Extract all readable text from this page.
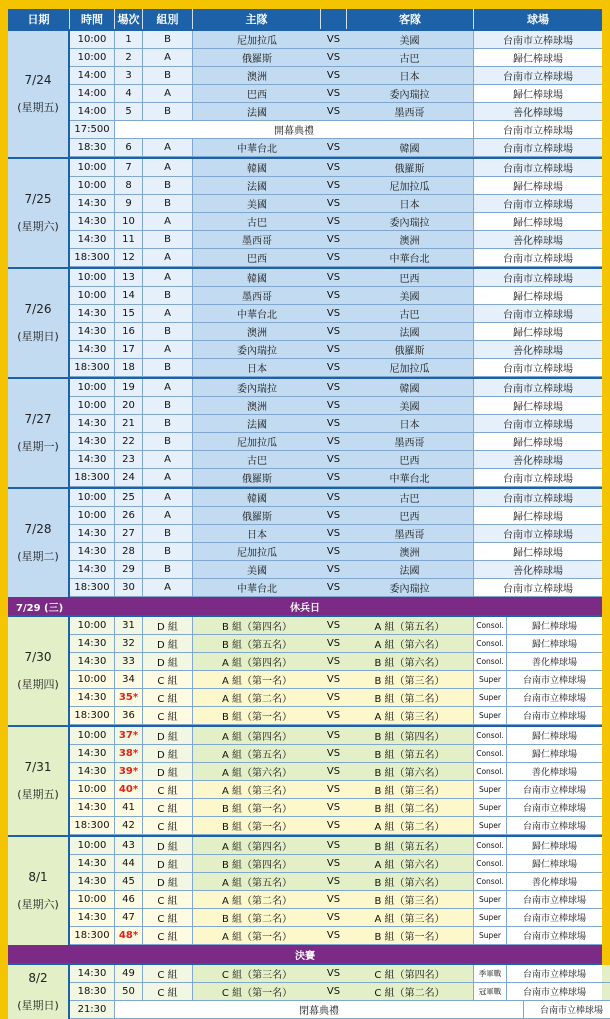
日期	時間	場次	組別	主隊	客隊	球場
7/24
(星期五)
10:00	1	B	尼加拉瓜	VS	美國	台南市立棒球場
10:00	2	A	俄羅斯	VS	古巴	歸仁棒球場
14:00	3	B	澳洲	VS	日本	台南市立棒球場
14:00	4	A	巴西	VS	委內瑞拉	歸仁棒球場
14:00	5	B	法國	VS	墨西哥	善化棒球場
17:500	開幕典禮	台南市立棒球場
18:30	6	A	中華台北	VS	韓國	台南市立棒球場
7/25
(星期六)
10:00	7	A	韓國	VS	俄羅斯	台南市立棒球場
10:00	8	B	法國	VS	尼加拉瓜	歸仁棒球場
14:30	9	B	美國	VS	日本	台南市立棒球場
14:30	10	A	古巴	VS	委內瑞拉	歸仁棒球場
14:30	11	B	墨西哥	VS	澳洲	善化棒球場
18:300	12	A	巴西	VS	中華台北	台南市立棒球場
7/26
(星期日)
10:00	13	A	韓國	VS	巴西	台南市立棒球場
10:00	14	B	墨西哥	VS	美國	歸仁棒球場
14:30	15	A	中華台北	VS	古巴	台南市立棒球場
14:30	16	B	澳洲	VS	法國	歸仁棒球場
14:30	17	A	委內瑞拉	VS	俄羅斯	善化棒球場
18:300	18	B	日本	VS	尼加拉瓜	台南市立棒球場
7/27
(星期一)
10:00	19	A	委內瑞拉	VS	韓國	台南市立棒球場
10:00	20	B	澳洲	VS	美國	歸仁棒球場
14:30	21	B	法國	VS	日本	台南市立棒球場
14:30	22	B	尼加拉瓜	VS	墨西哥	歸仁棒球場
14:30	23	A	古巴	VS	巴西	善化棒球場
18:300	24	A	俄羅斯	VS	中華台北	台南市立棒球場
7/28
(星期二)
10:00	25	A	韓國	VS	古巴	台南市立棒球場
10:00	26	A	俄羅斯	VS	巴西	歸仁棒球場
14:30	27	B	日本	VS	墨西哥	台南市立棒球場
14:30	28	B	尼加拉瓜	VS	澳洲	歸仁棒球場
14:30	29	B	美國	VS	法國	善化棒球場
18:300	30	A	中華台北	VS	委內瑞拉	台南市立棒球場
7/29 (三)	休兵日
7/30
(星期四)
10:00	31	D 組	B 組（第四名）	VS	A 組（第五名）	Consol.	歸仁棒球場
14:30	32	D 組	B 組（第五名）	VS	A 組（第六名）	Consol.	歸仁棒球場
14:30	33	D 組	A 組（第四名）	VS	B 組（第六名）	Consol.	善化棒球場
10:00	34	C 組	A 組（第一名）	VS	B 組（第三名）	Super	台南市立棒球場
14:30	35*	C 組	A 組（第二名）	VS	B 組（第二名）	Super	台南市立棒球場
18:300	36	C 組	B 組（第一名）	VS	A 組（第三名）	Super	台南市立棒球場
7/31
(星期五)
10:00	37*	D 組	A 組（第四名）	VS	B 組（第四名）	Consol.	歸仁棒球場
14:30	38*	D 組	A 組（第五名）	VS	B 組（第五名）	Consol.	歸仁棒球場
14:30	39*	D 組	A 組（第六名）	VS	B 組（第六名）	Consol.	善化棒球場
10:00	40*	C 組	A 組（第三名）	VS	B 組（第三名）	Super	台南市立棒球場
14:30	41	C 組	B 組（第一名）	VS	B 組（第二名）	Super	台南市立棒球場
18:300	42	C 組	B 組（第一名）	VS	A 組（第二名）	Super	台南市立棒球場
8/1
(星期六)
10:00	43	D 組	A 組（第四名）	VS	B 組（第五名）	Consol.	歸仁棒球場
14:30	44	D 組	B 組（第四名）	VS	A 組（第六名）	Consol.	歸仁棒球場
14:30	45	D 組	A 組（第五名）	VS	B 組（第六名）	Consol.	善化棒球場
10:00	46	C 組	A 組（第二名）	VS	B 組（第三名）	Super	台南市立棒球場
14:30	47	C 組	B 組（第二名）	VS	A 組（第三名）	Super	台南市立棒球場
18:300 48*	C 組	A 組（第一名）	VS	B 組（第一名）	Super	台南市立棒球場
決賽
8/2
(星期日)
14:30	49	C 組	C 組（第三名）	VS	C 組（第四名）	季軍戰	台南市立棒球場
18:30	50	C 組	C 組（第一名）	VS	C 組（第二名）	冠軍戰	台南市立棒球場
21:30	閉幕典禮	台南市立棒球場
